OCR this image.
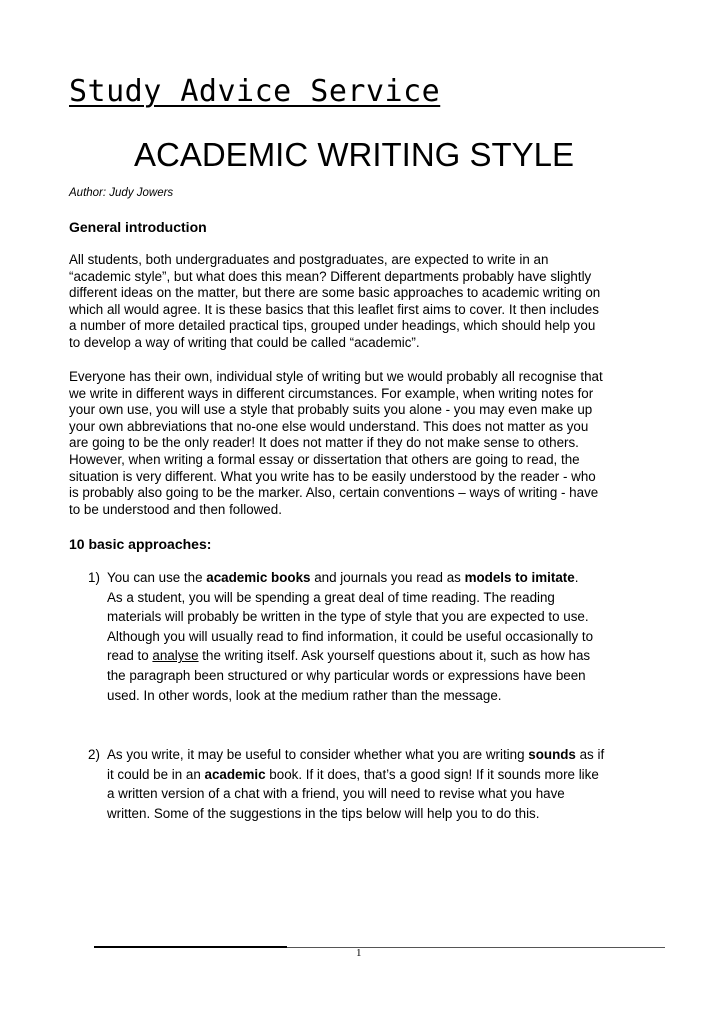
Study Advice Service
ACADEMIC WRITING STYLE
Author: Judy Jowers
General introduction
All students, both undergraduates and postgraduates, are expected to write in an
“academic style”, but what does this mean? Different departments probably have slightly
different ideas on the matter, but there are some basic approaches to academic writing on
which all would agree. It is these basics that this leaflet first aims to cover. It then includes
a number of more detailed practical tips, grouped under headings, which should help you
to develop a way of writing that could be called “academic”.
Everyone has their own, individual style of writing but we would probably all recognise that
we write in different ways in different circumstances. For example, when writing notes for
your own use, you will use a style that probably suits you alone - you may even make up
your own abbreviations that no-one else would understand. This does not matter as you
are going to be the only reader! It does not matter if they do not make sense to others.
However, when writing a formal essay or dissertation that others are going to read, the
situation is very different. What you write has to be easily understood by the reader - who
is probably also going to be the marker. Also, certain conventions – ways of writing - have
to be understood and then followed.
10 basic approaches:
1) You can use the academic books and journals you read as models to imitate.
As a student, you will be spending a great deal of time reading. The reading
materials will probably be written in the type of style that you are expected to use.
Although you will usually read to find information, it could be useful occasionally to
read to analyse the writing itself. Ask yourself questions about it, such as how has
the paragraph been structured or why particular words or expressions have been
used. In other words, look at the medium rather than the message.
2) As you write, it may be useful to consider whether what you are writing sounds as if
it could be in an academic book. If it does, that’s a good sign! If it sounds more like
a written version of a chat with a friend, you will need to revise what you have
written. Some of the suggestions in the tips below will help you to do this.
1
